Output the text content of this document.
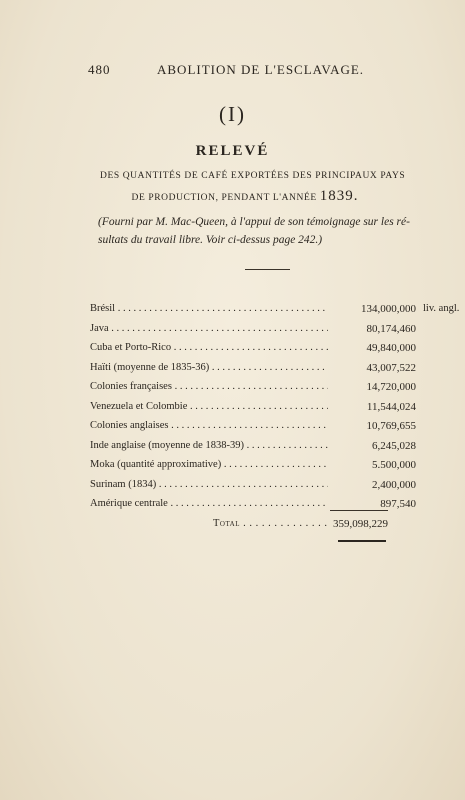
480	ABOLITION DE L'ESCLAVAGE.
(I)
RELEVÉ
DES QUANTITÉS DE CAFÉ EXPORTÉES DES PRINCIPAUX PAYS
DE PRODUCTION, PENDANT L'ANNÉE 1839.
(Fourni par M. Mac-Queen, à l'appui de son témoignage sur les ré-
sultats du travail libre. Voir ci-dessus page 242.)
Brésil . . .	134,000,000 liv. angl.
Java . . .	80,174,460
Cuba et Porto-Rico . . .	49,840,000
Haïti (moyenne de 1835-36) . . .	43,007,522
Colonies françaises . . .	14,720,000
Venezuela et Colombie . . .	11,544,024
Colonies anglaises . . .	10,769,655
Inde anglaise (moyenne de 1838-39) . . .	6,245,028
Moka (quantité approximative) . . .	5.500,000
Surinam (1834) . . .	2,400,000
Amérique centrale . . .	897,540
Total . . .	359,098,229
